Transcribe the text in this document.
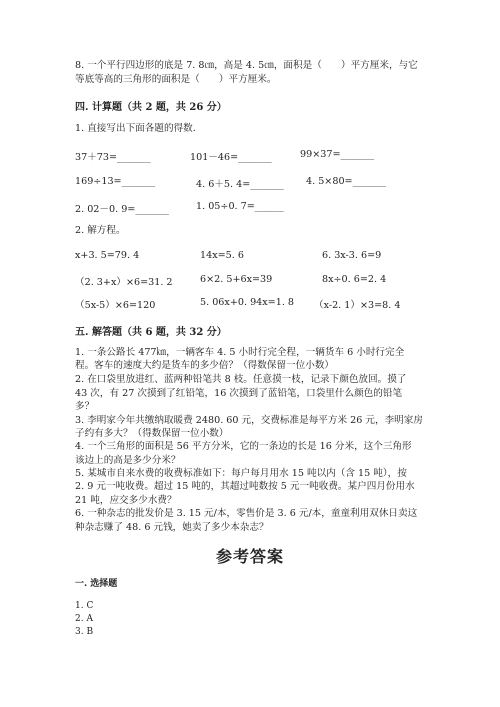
8. 一个平行四边形的底是 7. 8㎝，高是 4. 5㎝，面积是（　　）平方厘米，与它
等底等高的三角形的面积是（　　）平方厘米。
四. 计算题（共 2 题，共 26 分）
1. 直接写出下面各题的得数.
37＋73=_______	101－46=_______	99×37=_______
169÷13=_______	4. 6＋5. 4=_______ 4. 5×80=_______
2. 02－0. 9=_______	1. 05÷0. 7=______
2. 解方程。
x+3. 5=79. 4	14x=5. 6	6. 3x-3. 6=9
（2. 3+x）×6=31. 2	6×2. 5+6x=39	8x÷0. 6=2. 4
（5x-5）×6=120	5. 06x+0. 94x=1. 8 （x-2. 1）×3=8. 4
五. 解答题（共 6 题，共 32 分）
1. 一条公路长 477㎞，一辆客车 4. 5 小时行完全程，一辆货车 6 小时行完全
程。客车的速度大约是货车的多少倍？（得数保留一位小数）
2. 在口袋里放进红、蓝两种铅笔共 8 枝。任意摸一枝，记录下颜色放回。摸了
43 次，有 27 次摸到了红铅笔，16 次摸到了蓝铅笔，口袋里什么颜色的铅笔
多？
3. 李明家今年共缴纳取暖费 2480. 60 元，交费标准是每平方米 26 元，李明家房
子约有多大？（得数保留一位小数）
4. 一个三角形的面积是 56 平方分米，它的一条边的长是 16 分米，这个三角形
该边上的高是多少分米？
5. 某城市自来水费的收费标准如下：每户每月用水 15 吨以内（含 15 吨），按
2. 9 元一吨收费。超过 15 吨的，其超过吨数按 5 元一吨收费。某户四月份用水
21 吨，应交多少水费？
6. 一种杂志的批发价是 3. 15 元/本，零售价是 3. 6 元/本，童童利用双休日卖这
种杂志赚了 48. 6 元钱，她卖了多少本杂志？
参考答案
一. 选择题
1. C
2. A
3. B
